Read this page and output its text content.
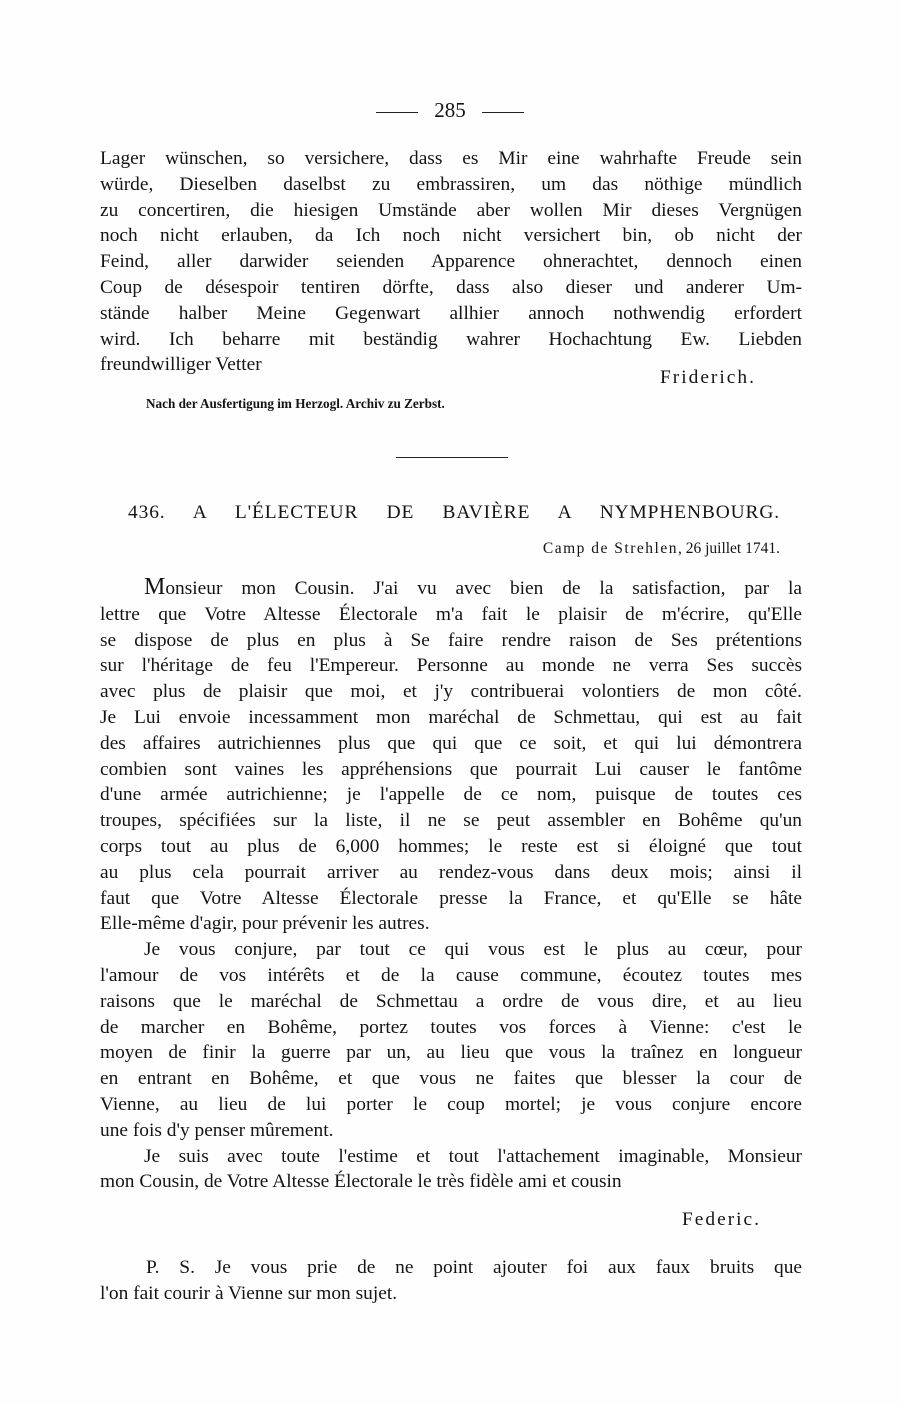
285
Lager wünschen, so versichere, dass es Mir eine wahrhafte Freude sein
würde, Dieselben daselbst zu embrassiren, um das nöthige mündlich
zu concertiren, die hiesigen Umstände aber wollen Mir dieses Vergnügen
noch nicht erlauben, da Ich noch nicht versichert bin, ob nicht der
Feind, aller darwider seienden Apparence ohnerachtet, dennoch einen
Coup de désespoir tentiren dörfte, dass also dieser und anderer Um-
stände halber Meine Gegenwart allhier annoch nothwendig erfordert
wird. Ich beharre mit beständig wahrer Hochachtung Ew. Liebden
freundwilliger Vetter
Friderich.
Nach der Ausfertigung im Herzogl. Archiv zu Zerbst.
436. A L'ÉLECTEUR DE BAVIÈRE A NYMPHENBOURG.
Camp de Strehlen, 26 juillet 1741.
Monsieur mon Cousin. J'ai vu avec bien de la satisfaction, par la
lettre que Votre Altesse Électorale m'a fait le plaisir de m'écrire, qu'Elle
se dispose de plus en plus à Se faire rendre raison de Ses prétentions
sur l'héritage de feu l'Empereur. Personne au monde ne verra Ses succès
avec plus de plaisir que moi, et j'y contribuerai volontiers de mon côté.
Je Lui envoie incessamment mon maréchal de Schmettau, qui est au fait
des affaires autrichiennes plus que qui que ce soit, et qui lui démontrera
combien sont vaines les appréhensions que pourrait Lui causer le fantôme
d'une armée autrichienne; je l'appelle de ce nom, puisque de toutes ces
troupes, spécifiées sur la liste, il ne se peut assembler en Bohême qu'un
corps tout au plus de 6,000 hommes; le reste est si éloigné que tout
au plus cela pourrait arriver au rendez-vous dans deux mois; ainsi il
faut que Votre Altesse Électorale presse la France, et qu'Elle se hâte
Elle-même d'agir, pour prévenir les autres.
Je vous conjure, par tout ce qui vous est le plus au cœur, pour
l'amour de vos intérêts et de la cause commune, écoutez toutes mes
raisons que le maréchal de Schmettau a ordre de vous dire, et au lieu
de marcher en Bohême, portez toutes vos forces à Vienne: c'est le
moyen de finir la guerre par un, au lieu que vous la traînez en longueur
en entrant en Bohême, et que vous ne faites que blesser la cour de
Vienne, au lieu de lui porter le coup mortel; je vous conjure encore
une fois d'y penser mûrement.
Je suis avec toute l'estime et tout l'attachement imaginable, Monsieur
mon Cousin, de Votre Altesse Électorale le très fidèle ami et cousin
Federic.
P. S. Je vous prie de ne point ajouter foi aux faux bruits que
l'on fait courir à Vienne sur mon sujet.
